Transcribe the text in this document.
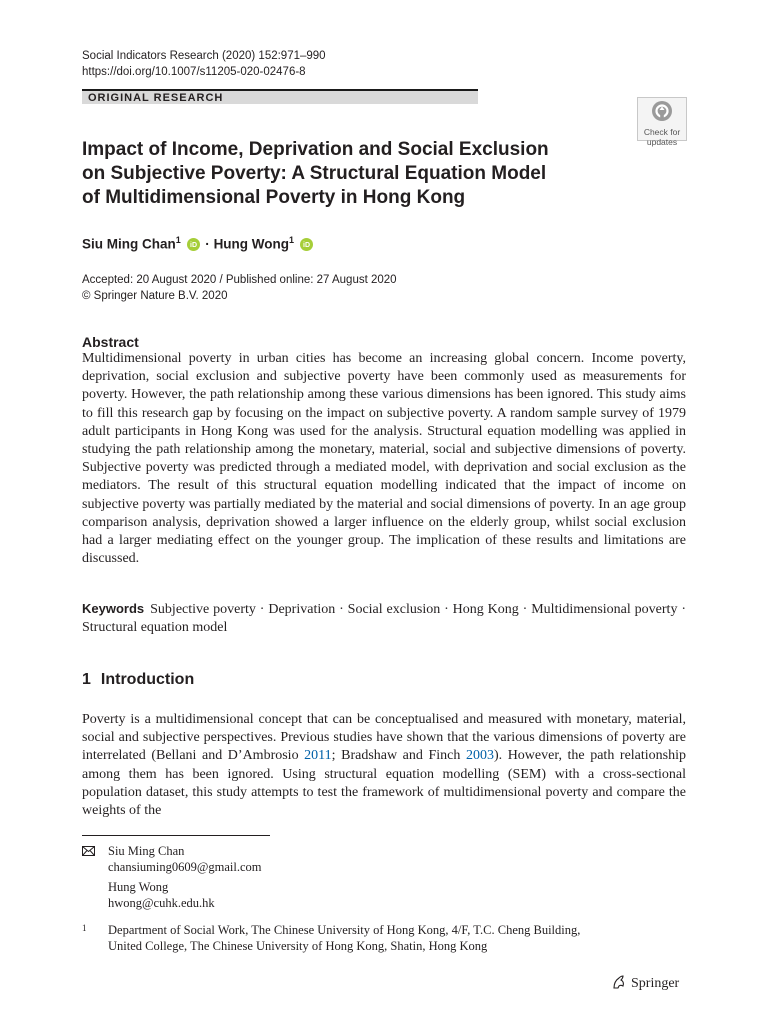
Social Indicators Research (2020) 152:971–990
https://doi.org/10.1007/s11205-020-02476-8
ORIGINAL RESEARCH
Check for
updates
Impact of Income, Deprivation and Social Exclusion
on Subjective Poverty: A Structural Equation Model
of Multidimensional Poverty in Hong Kong
Siu Ming Chan$^1$
iD · Hung Wong$^1$
iD
Accepted: 20 August 2020 / Published online: 27 August 2020
© Springer Nature B.V. 2020
Abstract
Multidimensional poverty in urban cities has become an increasing global concern. Income poverty, deprivation, social exclusion and subjective poverty have been commonly used as measurements for poverty. However, the path relationship among these various dimensions has been ignored. This study aims to fill this research gap by focusing on the impact on subjective poverty. A random sample survey of 1979 adult participants in Hong Kong was used for the analysis. Structural equation modelling was applied in studying the path relationship among the monetary, material, social and subjective dimensions of poverty. Subjective poverty was predicted through a mediated model, with deprivation and social exclusion as the mediators. The result of this structural equation modelling indicated that the impact of income on subjective poverty was partially mediated by the material and social dimensions of poverty. In an age group comparison analysis, deprivation showed a larger influence on the elderly group, whilst social exclusion had a larger mediating effect on the younger group. The implication of these results and limitations are discussed.
Keywords Subjective poverty · Deprivation · Social exclusion · Hong Kong · Multidimensional poverty · Structural equation model
1 Introduction
Poverty is a multidimensional concept that can be conceptualised and measured with monetary, material, social and subjective perspectives. Previous studies have shown that the various dimensions of poverty are interrelated (Bellani and D’Ambrosio 2011; Bradshaw and Finch 2003). However, the path relationship among them has been ignored. Using structural equation modelling (SEM) with a cross-sectional population dataset, this study attempts to test the framework of multidimensional poverty and compare the weights of the
Siu Ming Chan
chansiuming0609@gmail.com
Hung Wong
hwong@cuhk.edu.hk
1 Department of Social Work, The Chinese University of Hong Kong, 4/F, T.C. Cheng Building,
United College, The Chinese University of Hong Kong, Shatin, Hong Kong
Springer
